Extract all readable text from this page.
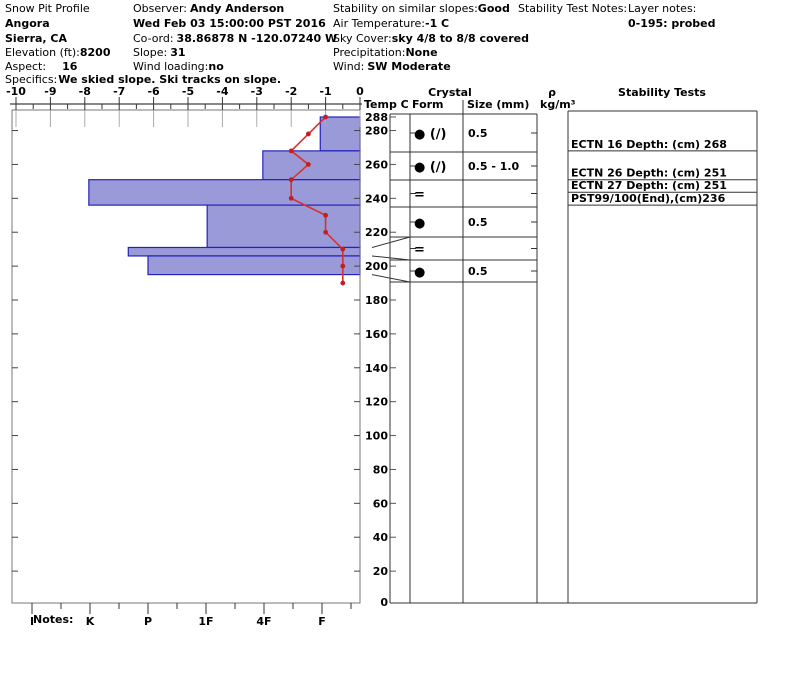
Snow Pit Profile
Angora
Sierra, CA
Elevation (ft):8200
Aspect: 16
Specifics:We skied slope. Ski tracks on slope.
Observer: Andy Anderson
Wed Feb 03 15:00:00 PST 2016
Co-ord: 38.86878 N -120.07240 W
Slope: 31
Wind loading:no
Stability on similar slopes:Good
Air Temperature:-1 C
Sky Cover:sky 4/8 to 8/8 covered
Precipitation:None
Wind: SW Moderate
Stability Test Notes: Layer notes:
0-195: probed
Notes:
-10 -9 -8 -7 -6 -5 -4 -3 -2 -1 0
Temp C
288
280
260
240
220
200
180
160
140
120
100
80
60
40
20
0
I	K	P	1F	4F	F
Crystal
Form Size (mm)
ρ
kg/m³
Stability Tests
● (∕) 0.5
● (∕) 0.5 - 1.0
=
●	0.5
=
●	0.5
ECTN 16 Depth: (cm) 268
ECTN 26 Depth: (cm) 251
ECTN 27 Depth: (cm) 251
PST99/100(End),(cm)236
